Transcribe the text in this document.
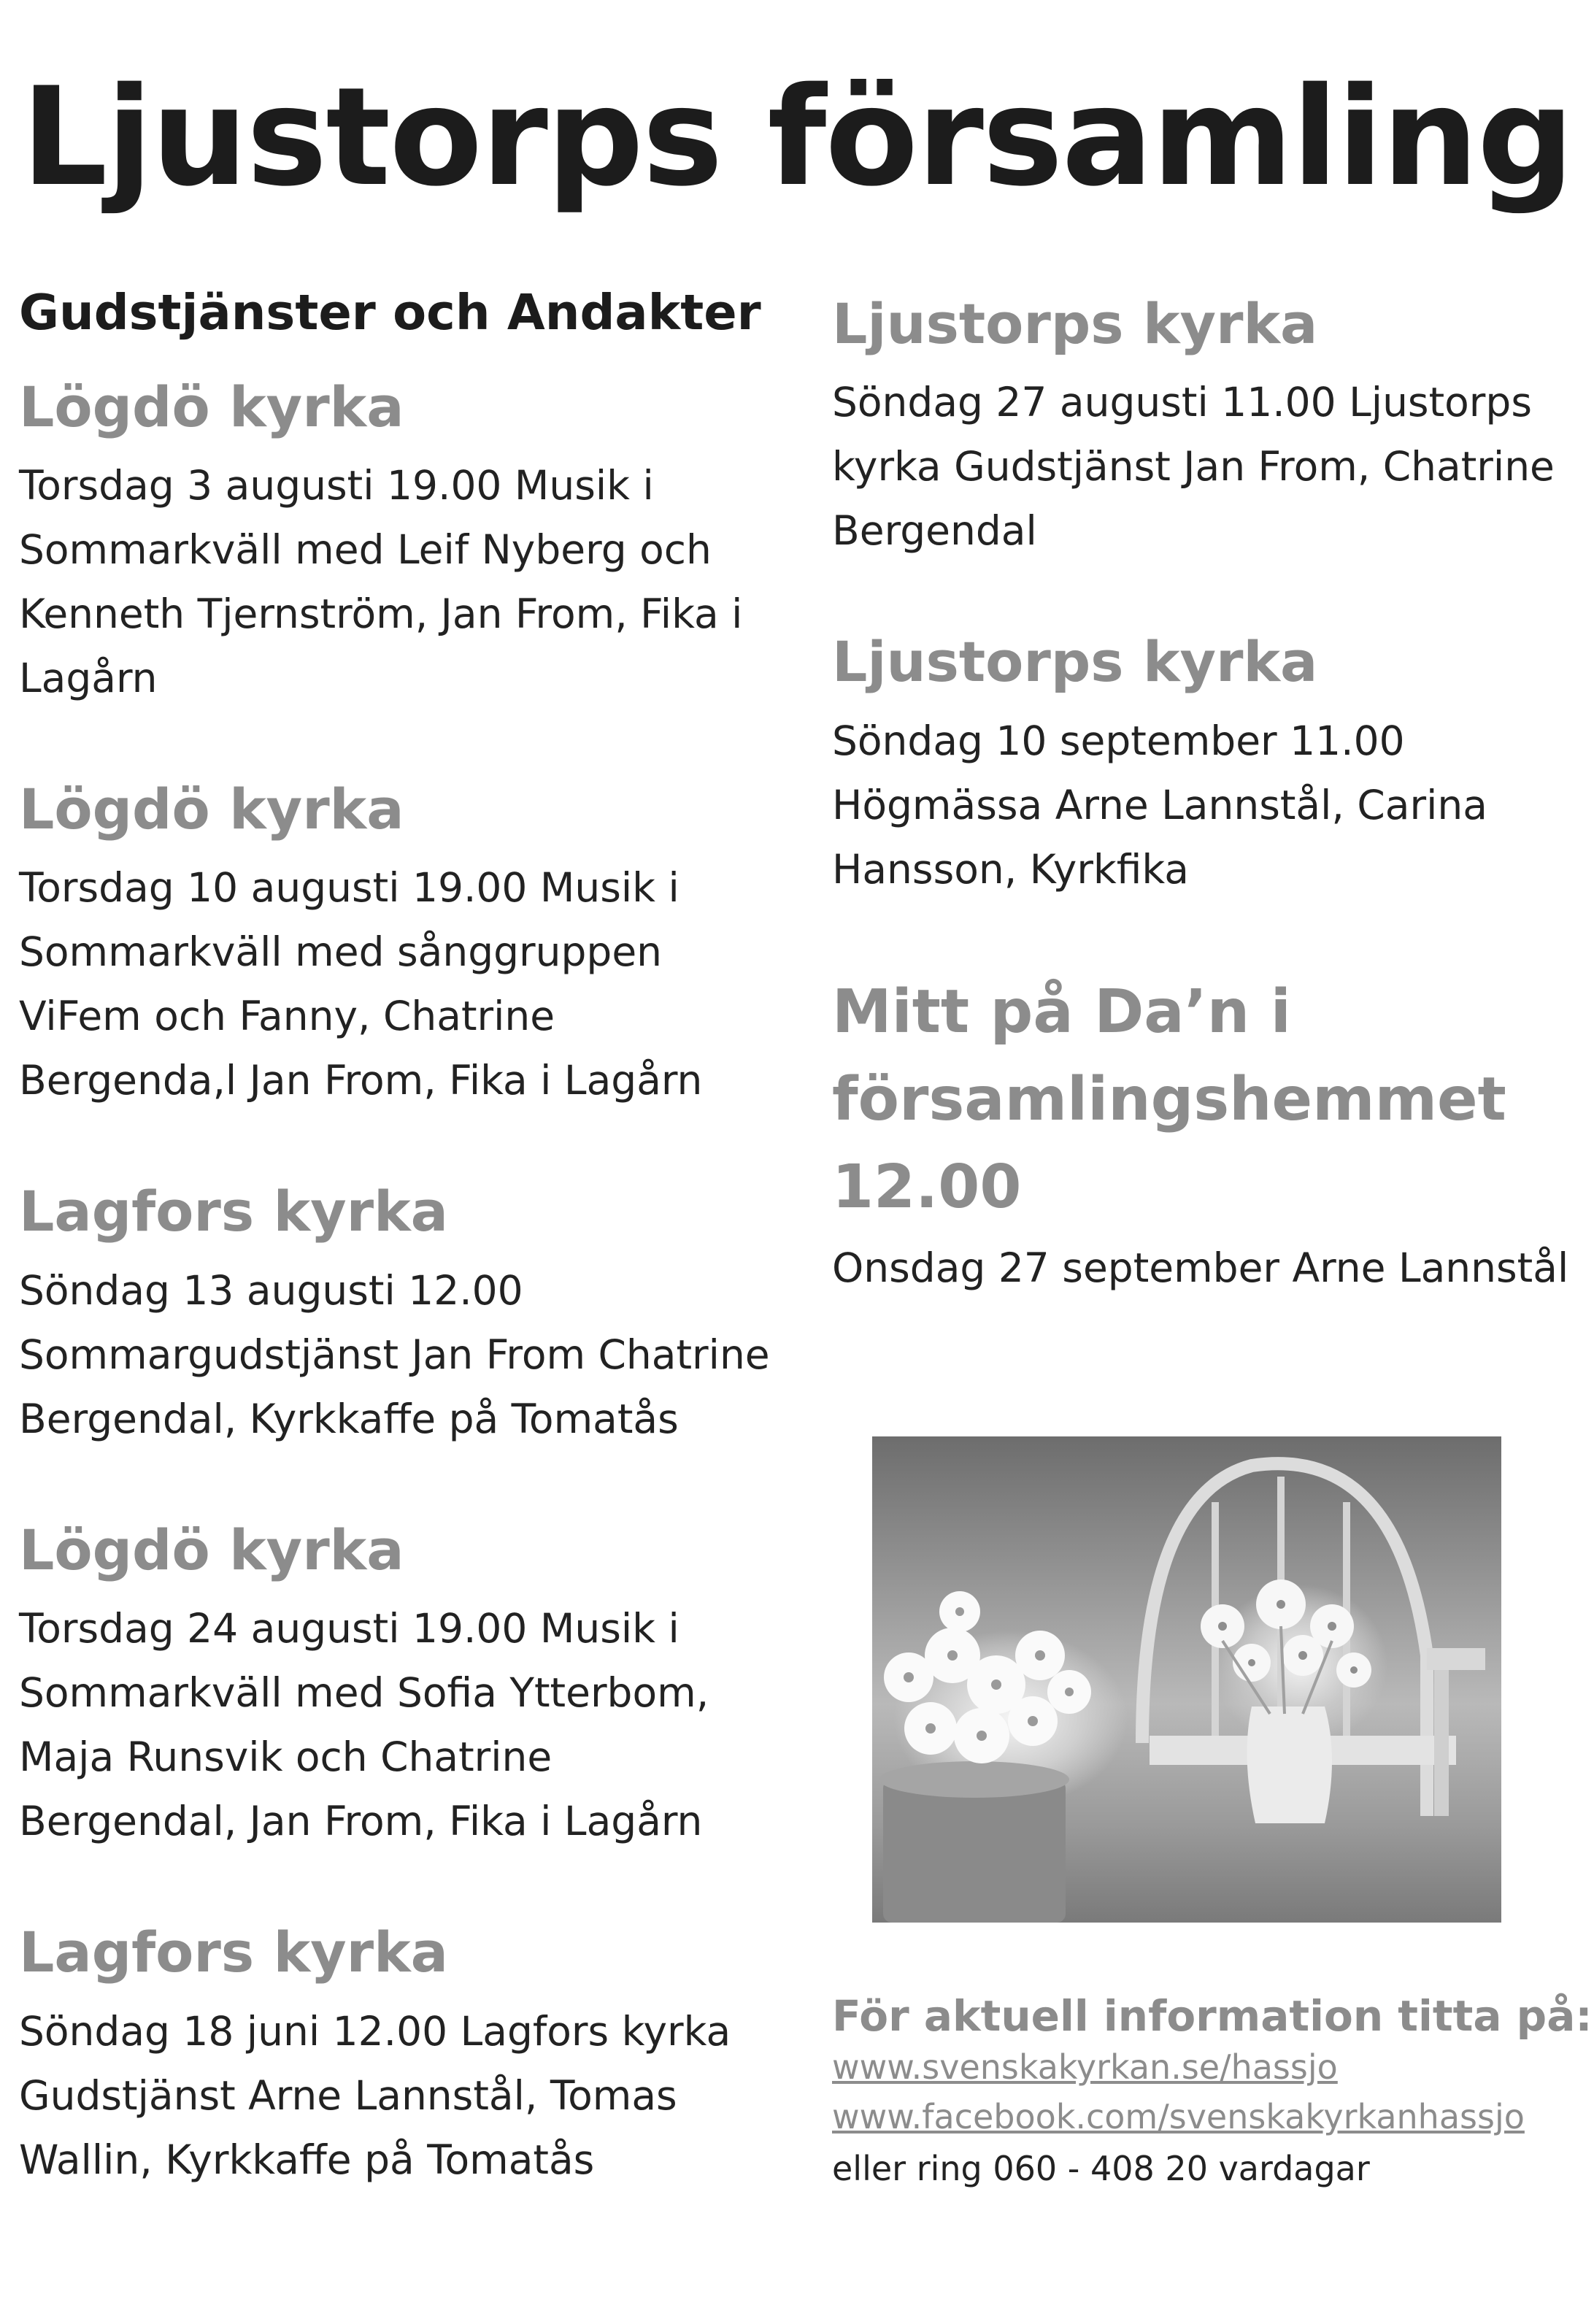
Ljustorps församling
Gudstjänster och Andakter
Lögdö kyrka

Torsdag 3 augusti 19.00 Musik i Sommarkväll med Leif Nyberg och Kenneth Tjernström, Jan From, Fika i Lagårn

Lögdö kyrka

Torsdag 10 augusti 19.00 Musik i Sommarkväll med sånggruppen ViFem och Fanny, Chatrine Bergenda,l Jan From, Fika i Lagårn

Lagfors kyrka

Söndag 13 augusti 12.00 Sommargudstjänst Jan From Chatrine Bergendal, Kyrkkaffe på Tomatås

Lögdö kyrka

Torsdag 24 augusti 19.00 Musik i Sommarkväll med Sofia Ytterbom, Maja Runsvik och Chatrine Bergendal, Jan From, Fika i Lagårn

Lagfors kyrka

Söndag 18 juni 12.00 Lagfors kyrka Gudstjänst Arne Lannstål, Tomas Wallin, Kyrkkaffe på Tomatås

Ljustorps kyrka

Söndag 27 augusti 11.00 Ljustorps kyrka Gudstjänst Jan From, Chatrine Bergendal

Ljustorps kyrka

Söndag 10 september 11.00 Högmässa Arne Lannstål, Carina Hansson, Kyrkfika

Mitt på Da’n i församlingshemmet 12.00

Onsdag 27 september Arne Lannstål

För aktuell information titta på:
www.svenskakyrkan.se/hassjo
www.facebook.com/svenskakyrkanhassjo

eller ring 060 - 408 20 vardagar
